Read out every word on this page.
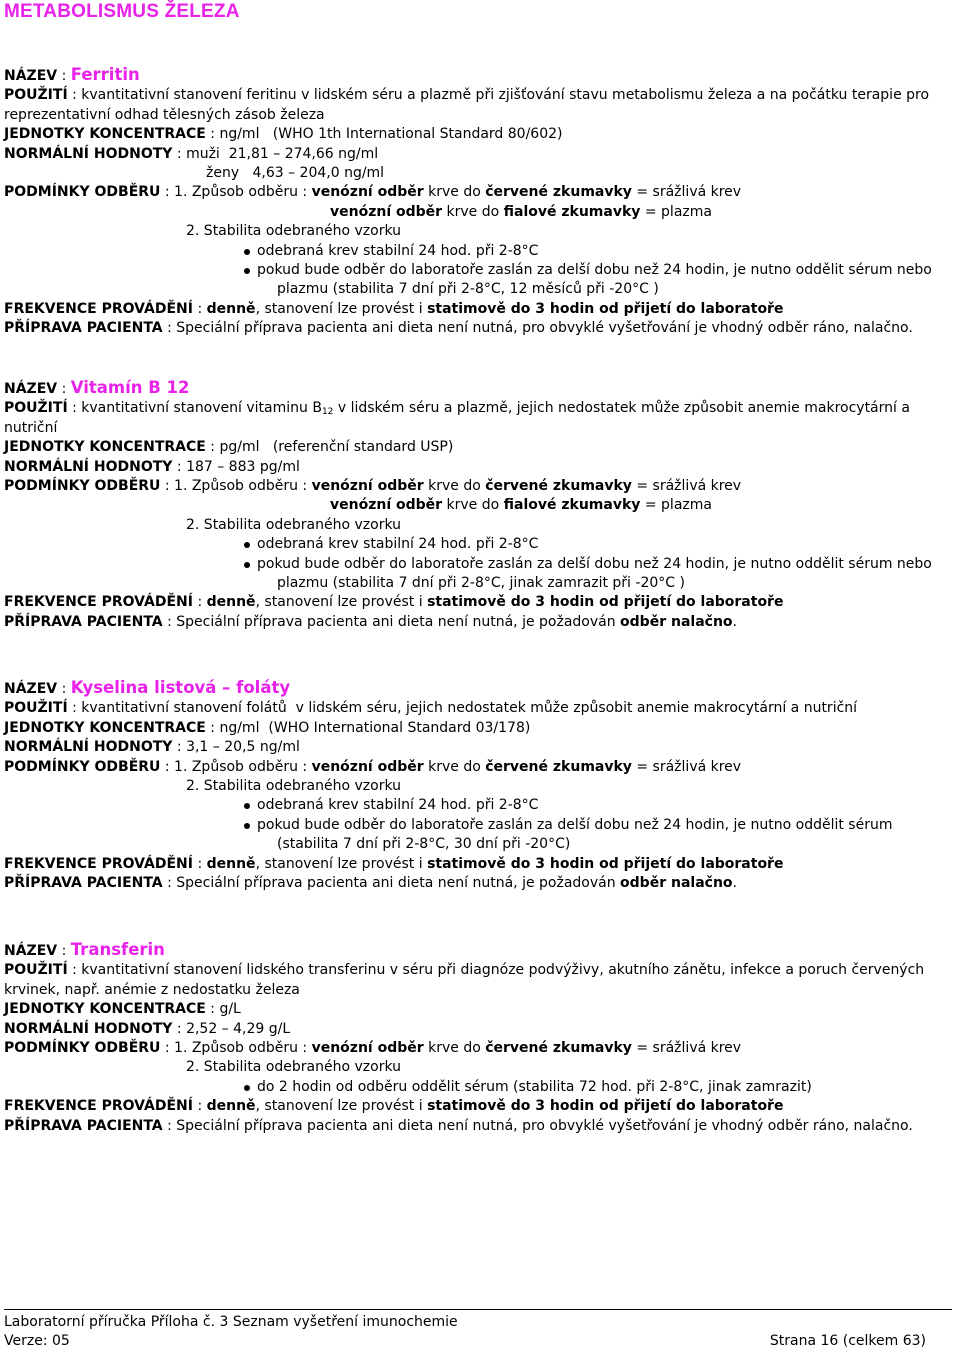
METABOLISMUS ŽELEZA
NÁZEV : Ferritin
POUŽITÍ : kvantitativní stanovení feritinu v lidském séru a plazmě při zjišťování stavu metabolismu železa a na počátku terapie pro reprezentativní odhad tělesných zásob železa
JEDNOTKY KONCENTRACE : ng/ml   (WHO 1th International Standard 80/602)
NORMÁLNÍ HODNOTY : muži  21,81 – 274,66 ng/ml
ženy   4,63 – 204,0 ng/ml
PODMÍNKY ODBĚRU : 1. Způsob odběru : venózní odběr krve do červené zkumavky = srážlivá krev
venózní odběr krve do fialové zkumavky = plazma
2. Stabilita odebraného vzorku
odebraná krev stabilní 24 hod. při 2-8°C
pokud bude odběr do laboratoře zaslán za delší dobu než 24 hodin, je nutno oddělit sérum nebo
plazmu (stabilita 7 dní při 2-8°C, 12 měsíců při -20°C )
FREKVENCE PROVÁDĚNÍ : denně, stanovení lze provést i statimově do 3 hodin od přijetí do laboratoře
PŘÍPRAVA PACIENTA : Speciální příprava pacienta ani dieta není nutná, pro obvyklé vyšetřování je vhodný odběr ráno, nalačno.
NÁZEV : Vitamín B 12
POUŽITÍ : kvantitativní stanovení vitaminu $B_{12}$ v lidském séru a plazmě, jejich nedostatek může způsobit anemie makrocytární a nutriční
JEDNOTKY KONCENTRACE : pg/ml   (referenční standard USP)
NORMÁLNÍ HODNOTY : 187 – 883 pg/ml
PODMÍNKY ODBĚRU : 1. Způsob odběru : venózní odběr krve do červené zkumavky = srážlivá krev
venózní odběr krve do fialové zkumavky = plazma
2. Stabilita odebraného vzorku
odebraná krev stabilní 24 hod. při 2-8°C
pokud bude odběr do laboratoře zaslán za delší dobu než 24 hodin, je nutno oddělit sérum nebo
plazmu (stabilita 7 dní při 2-8°C, jinak zamrazit při -20°C )
FREKVENCE PROVÁDĚNÍ : denně, stanovení lze provést i statimově do 3 hodin od přijetí do laboratoře
PŘÍPRAVA PACIENTA : Speciální příprava pacienta ani dieta není nutná, je požadován odběr nalačno.
NÁZEV : Kyselina listová – foláty
POUŽITÍ : kvantitativní stanovení folátů  v lidském séru, jejich nedostatek může způsobit anemie makrocytární a nutriční
JEDNOTKY KONCENTRACE : ng/ml  (WHO International Standard 03/178)
NORMÁLNÍ HODNOTY : 3,1 – 20,5 ng/ml
PODMÍNKY ODBĚRU : 1. Způsob odběru : venózní odběr krve do červené zkumavky = srážlivá krev
2. Stabilita odebraného vzorku
odebraná krev stabilní 24 hod. při 2-8°C
pokud bude odběr do laboratoře zaslán za delší dobu než 24 hodin, je nutno oddělit sérum
(stabilita 7 dní při 2-8°C, 30 dní při -20°C)
FREKVENCE PROVÁDĚNÍ : denně, stanovení lze provést i statimově do 3 hodin od přijetí do laboratoře
PŘÍPRAVA PACIENTA : Speciální příprava pacienta ani dieta není nutná, je požadován odběr nalačno.
NÁZEV : Transferin
POUŽITÍ : kvantitativní stanovení lidského transferinu v séru při diagnóze podvýživy, akutního zánětu, infekce a poruch červených krvinek, např. anémie z nedostatku železa
JEDNOTKY KONCENTRACE : g/L
NORMÁLNÍ HODNOTY : 2,52 – 4,29 g/L
PODMÍNKY ODBĚRU : 1. Způsob odběru : venózní odběr krve do červené zkumavky = srážlivá krev
2. Stabilita odebraného vzorku
do 2 hodin od odběru oddělit sérum (stabilita 72 hod. při 2-8°C, jinak zamrazit)
FREKVENCE PROVÁDĚNÍ : denně, stanovení lze provést i statimově do 3 hodin od přijetí do laboratoře
PŘÍPRAVA PACIENTA : Speciální příprava pacienta ani dieta není nutná, pro obvyklé vyšetřování je vhodný odběr ráno, nalačno.
Laboratorní příručka Příloha č. 3 Seznam vyšetření imunochemie
Verze: 05	Strana 16 (celkem 63)
